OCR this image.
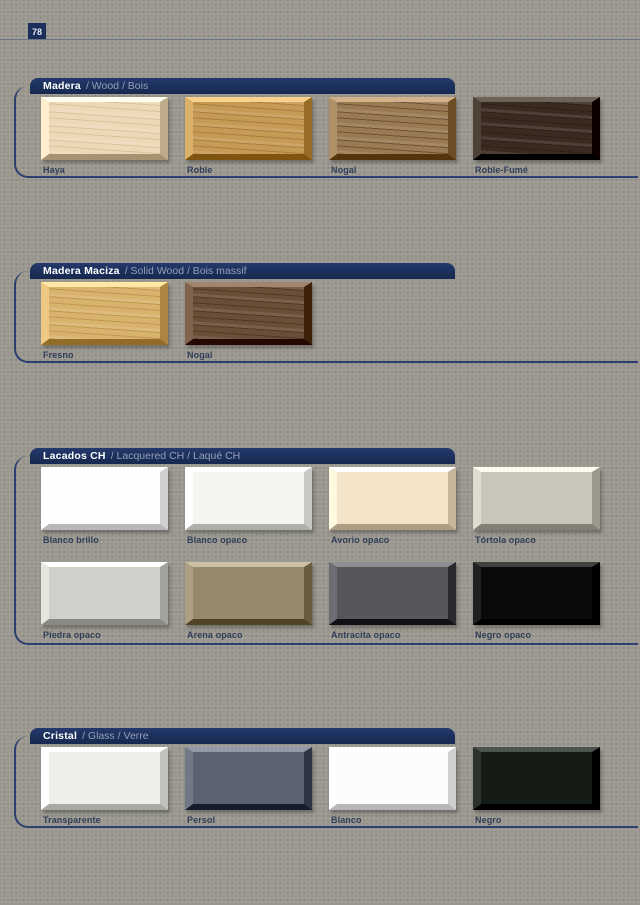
78
Madera / Wood / Bois
Haya	Roble	Nogal	Roble-Fumé
Madera Maciza / Solid Wood / Bois massif
Fresno	Nogal
Lacados CH / Lacquered CH / Laqué CH
Blanco brillo	Blanco opaco	Avorio opaco	Tórtola opaco
Piedra opaco	Arena opaco	Antracita opaco	Negro opaco
Cristal / Glass / Verre
Transparente	Persol	Blanco	Negro
